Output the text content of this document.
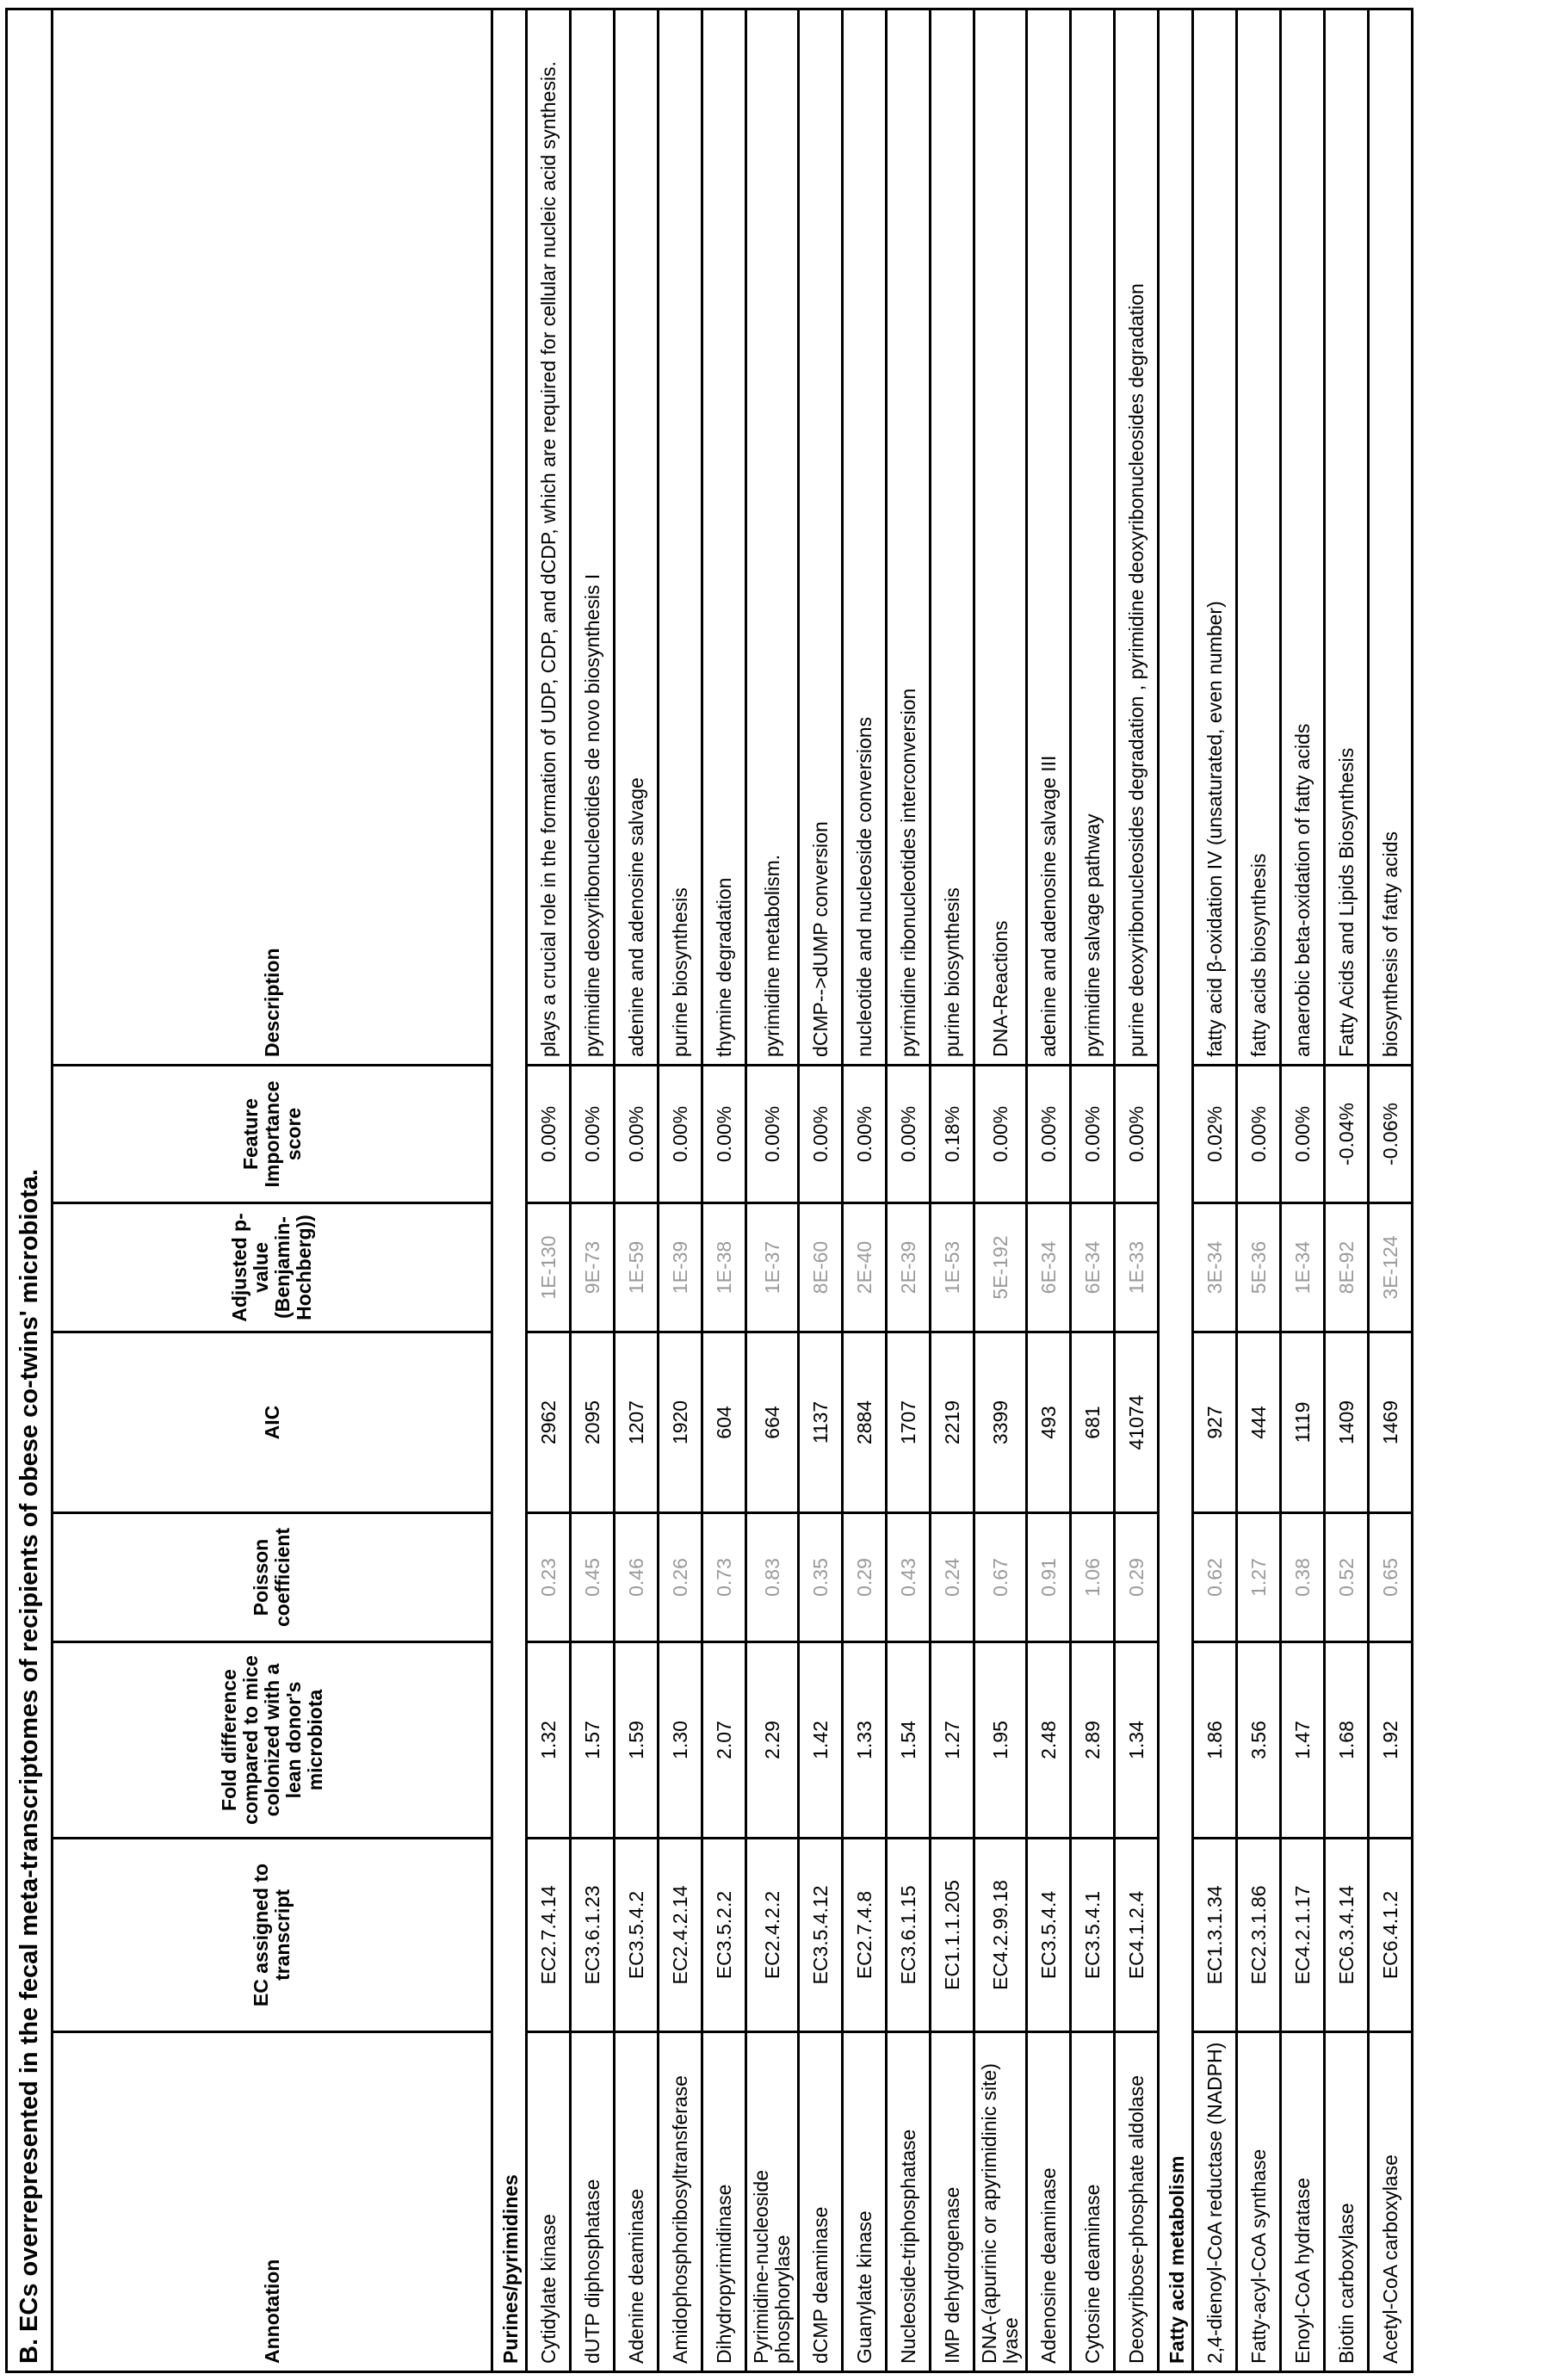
B. ECs overrepresented in the fecal meta-transcriptomes of recipients of obese co-twins' microbiota.Annotation	EC assigned to transcript	Fold difference compared to mice colonized with a lean donor's microbiota	Poisson coefficient	AIC	Adjusted p-value (Benjamin-Hochberg))	Feature Importance score	Description
Purines/pyrimidinesCytidylate kinase	EC2.7.4.14	1.32	0.23	2962	1E-130	0.00%	plays a crucial role in the formation of UDP, CDP, and dCDP, which are required for cellular nucleic acid synthesis.
dUTP diphosphatase	EC3.6.1.23	1.57	0.45	2095	9E-73	0.00%	pyrimidine deoxyribonucleotides de novo biosynthesis I
Adenine deaminase	EC3.5.4.2	1.59	0.46	1207	1E-59	0.00%	adenine and adenosine salvage
Amidophosphoribosyltransferase	EC2.4.2.14	1.30	0.26	1920	1E-39	0.00%	purine biosynthesis
Dihydropyrimidinase	EC3.5.2.2	2.07	0.73	604	1E-38	0.00%	thymine degradation
Pyrimidine-nucleoside phosphorylase	EC2.4.2.2	2.29	0.83	664	1E-37	0.00%	pyrimidine metabolism.
dCMP deaminase	EC3.5.4.12	1.42	0.35	1137	8E-60	0.00%	dCMP-->dUMP conversion
Guanylate kinase	EC2.7.4.8	1.33	0.29	2884	2E-40	0.00%	nucleotide and nucleoside conversions
Nucleoside-triphosphatase	EC3.6.1.15	1.54	0.43	1707	2E-39	0.00%	pyrimidine ribonucleotides interconversion
IMP dehydrogenase	EC1.1.1.205	1.27	0.24	2219	1E-53	0.18%	purine biosynthesis
DNA-(apurinic or apyrimidinic site) lyase	EC4.2.99.18	1.95	0.67	3399	5E-192	0.00%	DNA-Reactions
Adenosine deaminase	EC3.5.4.4	2.48	0.91	493	6E-34	0.00%	adenine and adenosine salvage III
Cytosine deaminase	EC3.5.4.1	2.89	1.06	681	6E-34	0.00%	pyrimidine salvage pathway
Deoxyribose-phosphate aldolase	EC4.1.2.4	1.34	0.29	41074	1E-33	0.00%	purine deoxyribonucleosides degradation , pyrimidine deoxyribonucleosides degradation
Fatty acid metabolism2,4-dienoyl-CoA reductase (NADPH)	EC1.3.1.34	1.86	0.62	927	3E-34	0.02%	fatty acid β-oxidation IV (unsaturated, even number)
Fatty-acyl-CoA synthase	EC2.3.1.86	3.56	1.27	444	5E-36	0.00%	fatty acids biosynthesis
Enoyl-CoA hydratase	EC4.2.1.17	1.47	0.38	1119	1E-34	0.00%	anaerobic beta-oxidation of fatty acids
Biotin carboxylase	EC6.3.4.14	1.68	0.52	1409	8E-92	-0.04%	Fatty Acids and Lipids Biosynthesis
Acetyl-CoA carboxylase	EC6.4.1.2	1.92	0.65	1469	3E-124	-0.06%	biosynthesis of fatty acids
